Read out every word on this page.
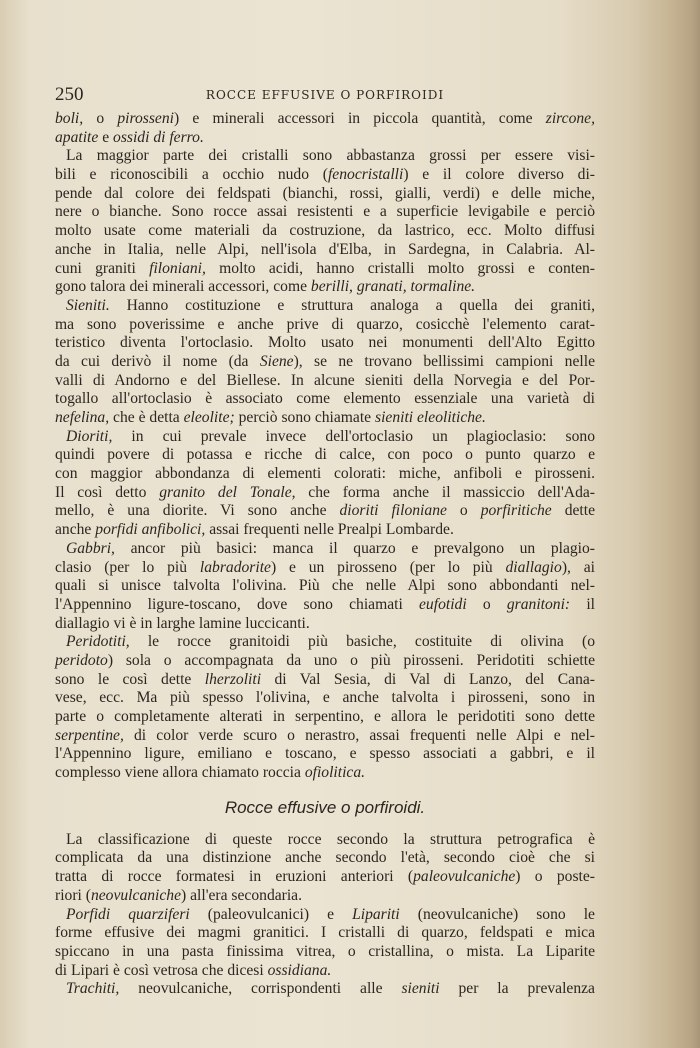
250	ROCCE EFFUSIVE O PORFIROIDI
boli, o pirosseni) e minerali accessori in piccola quantità, come zircone,
apatite e ossidi di ferro.
La maggior parte dei cristalli sono abbastanza grossi per essere visi-
bili e riconoscibili a occhio nudo (fenocristalli) e il colore diverso di-
pende dal colore dei feldspati (bianchi, rossi, gialli, verdi) e delle miche,
nere o bianche. Sono rocce assai resistenti e a superficie levigabile e perciò
molto usate come materiali da costruzione, da lastrico, ecc. Molto diffusi
anche in Italia, nelle Alpi, nell'isola d'Elba, in Sardegna, in Calabria. Al-
cuni graniti filoniani, molto acidi, hanno cristalli molto grossi e conten-
gono talora dei minerali accessori, come berilli, granati, tormaline.
Sieniti. Hanno costituzione e struttura analoga a quella dei graniti,
ma sono poverissime e anche prive di quarzo, cosicchè l'elemento carat-
teristico diventa l'ortoclasio. Molto usato nei monumenti dell'Alto Egitto
da cui derivò il nome (da Siene), se ne trovano bellissimi campioni nelle
valli di Andorno e del Biellese. In alcune sieniti della Norvegia e del Por-
togallo all'ortoclasio è associato come elemento essenziale una varietà di
nefelina, che è detta eleolite; perciò sono chiamate sieniti eleolitiche.
Dioriti, in cui prevale invece dell'ortoclasio un plagioclasio: sono
quindi povere di potassa e ricche di calce, con poco o punto quarzo e
con maggior abbondanza di elementi colorati: miche, anfiboli e pirosseni.
Il così detto granito del Tonale, che forma anche il massiccio dell'Ada-
mello, è una diorite. Vi sono anche dioriti filoniane o porfiritiche dette
anche porfidi anfibolici, assai frequenti nelle Prealpi Lombarde.
Gabbri, ancor più basici: manca il quarzo e prevalgono un plagio-
clasio (per lo più labradorite) e un pirosseno (per lo più diallagio), ai
quali si unisce talvolta l'olivina. Più che nelle Alpi sono abbondanti nel-
l'Appennino ligure-toscano, dove sono chiamati eufotidi o granitoni: il
diallagio vi è in larghe lamine luccicanti.
Peridotiti, le rocce granitoidi più basiche, costituite di olivina (o
peridoto) sola o accompagnata da uno o più pirosseni. Peridotiti schiette
sono le così dette lherzoliti di Val Sesia, di Val di Lanzo, del Cana-
vese, ecc. Ma più spesso l'olivina, e anche talvolta i pirosseni, sono in
parte o completamente alterati in serpentino, e allora le peridotiti sono dette
serpentine, di color verde scuro o nerastro, assai frequenti nelle Alpi e nel-
l'Appennino ligure, emiliano e toscano, e spesso associati a gabbri, e il
complesso viene allora chiamato roccia ofiolitica.
Rocce effusive o porfiroidi.
La classificazione di queste rocce secondo la struttura petrografica è
complicata da una distinzione anche secondo l'età, secondo cioè che si
tratta di rocce formatesi in eruzioni anteriori (paleovulcaniche) o poste-
riori (neovulcaniche) all'era secondaria.
Porfidi quarziferi (paleovulcanici) e Lipariti (neovulcaniche) sono le
forme effusive dei magmi granitici. I cristalli di quarzo, feldspati e mica
spiccano in una pasta finissima vitrea, o cristallina, o mista. La Liparite
di Lipari è così vetrosa che dicesi ossidiana.
Trachiti, neovulcaniche, corrispondenti alle sieniti per la prevalenza
